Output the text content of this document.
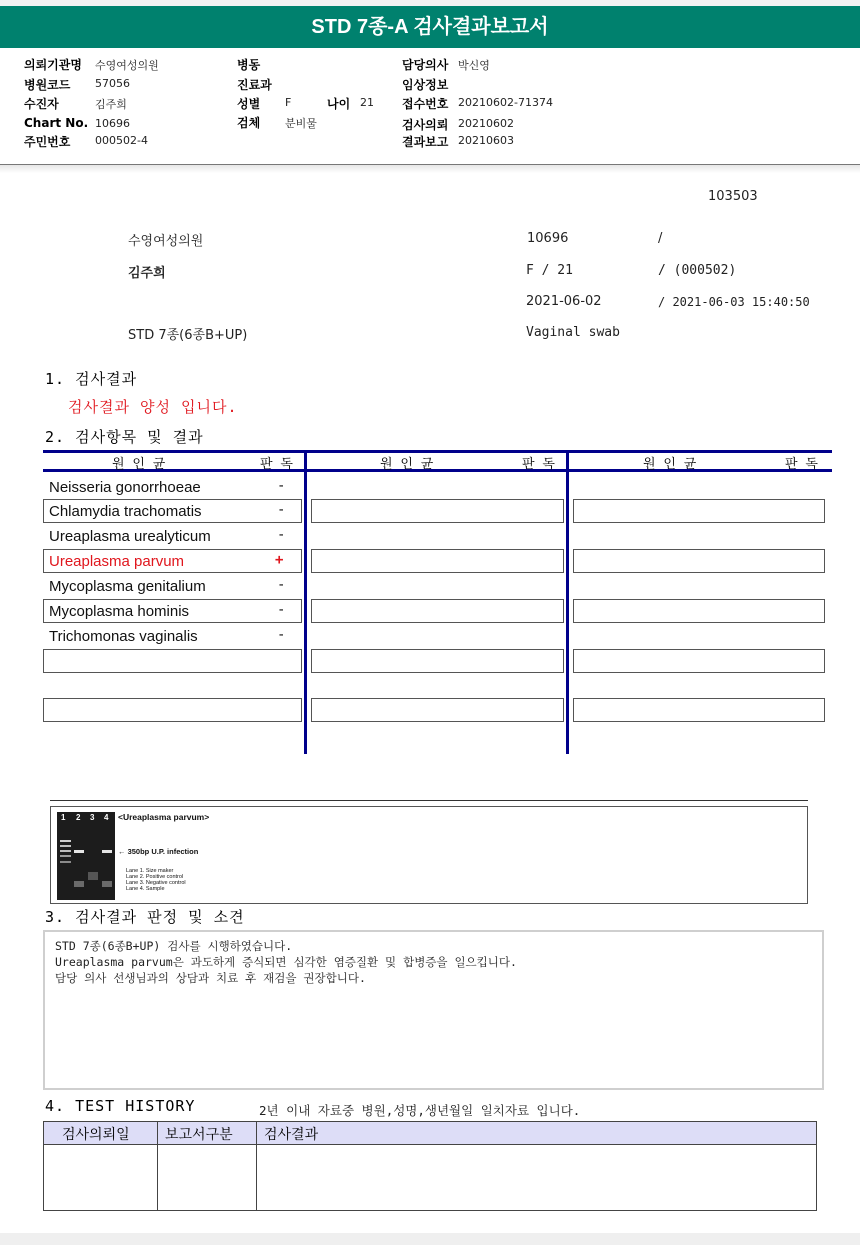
STD 7종-A 검사결과보고서
의뢰기관명 수영여성의원
병원코드 57056
수진자	김주희
Chart No. 10696
주민번호 000502-4
병동
진료과
성별 F	나이 21
검체 분비물
담당의사 박신영
임상정보
접수번호 20210602-71374
검사의뢰 20210602
결과보고 20210603
103503
수영여성의원	10696	/
김주희	F / 21	/ (000502)
2021-06-02	/ 2021-06-03 15:40:50
STD 7종(6종B+UP)	Vaginal swab
1. 검사결과
검사결과 양성 입니다.
2. 검사항목 및 결과
원 인 균	판 독	원 인 균	판 독	원 인 균	판 독
Neisseria gonorrhoeae	-
Chlamydia trachomatis	-
Ureaplasma urealyticum	-
Ureaplasma parvum	+
Mycoplasma genitalium	-
Mycoplasma hominis	-
Trichomonas vaginalis	-
1 2 3 4 <Ureaplasma parvum>
← 350bp U.P. infection
Lane 1. Size maker
Lane 2. Positive control
Lane 3. Negative control
Lane 4. Sample
3. 검사결과 판정 및 소견
STD 7종(6종B+UP) 검사를 시행하였습니다.
Ureaplasma parvum은 과도하게 증식되면 심각한 염증질환 및 합병증을 일으킵니다.
담당 의사 선생님과의 상담과 치료 후 재검을 권장합니다.
4. TEST HISTORY	2년 이내 자료중 병원,성명,생년월일 일치자료 입니다.
검사의뢰일	보고서구분 검사결과
